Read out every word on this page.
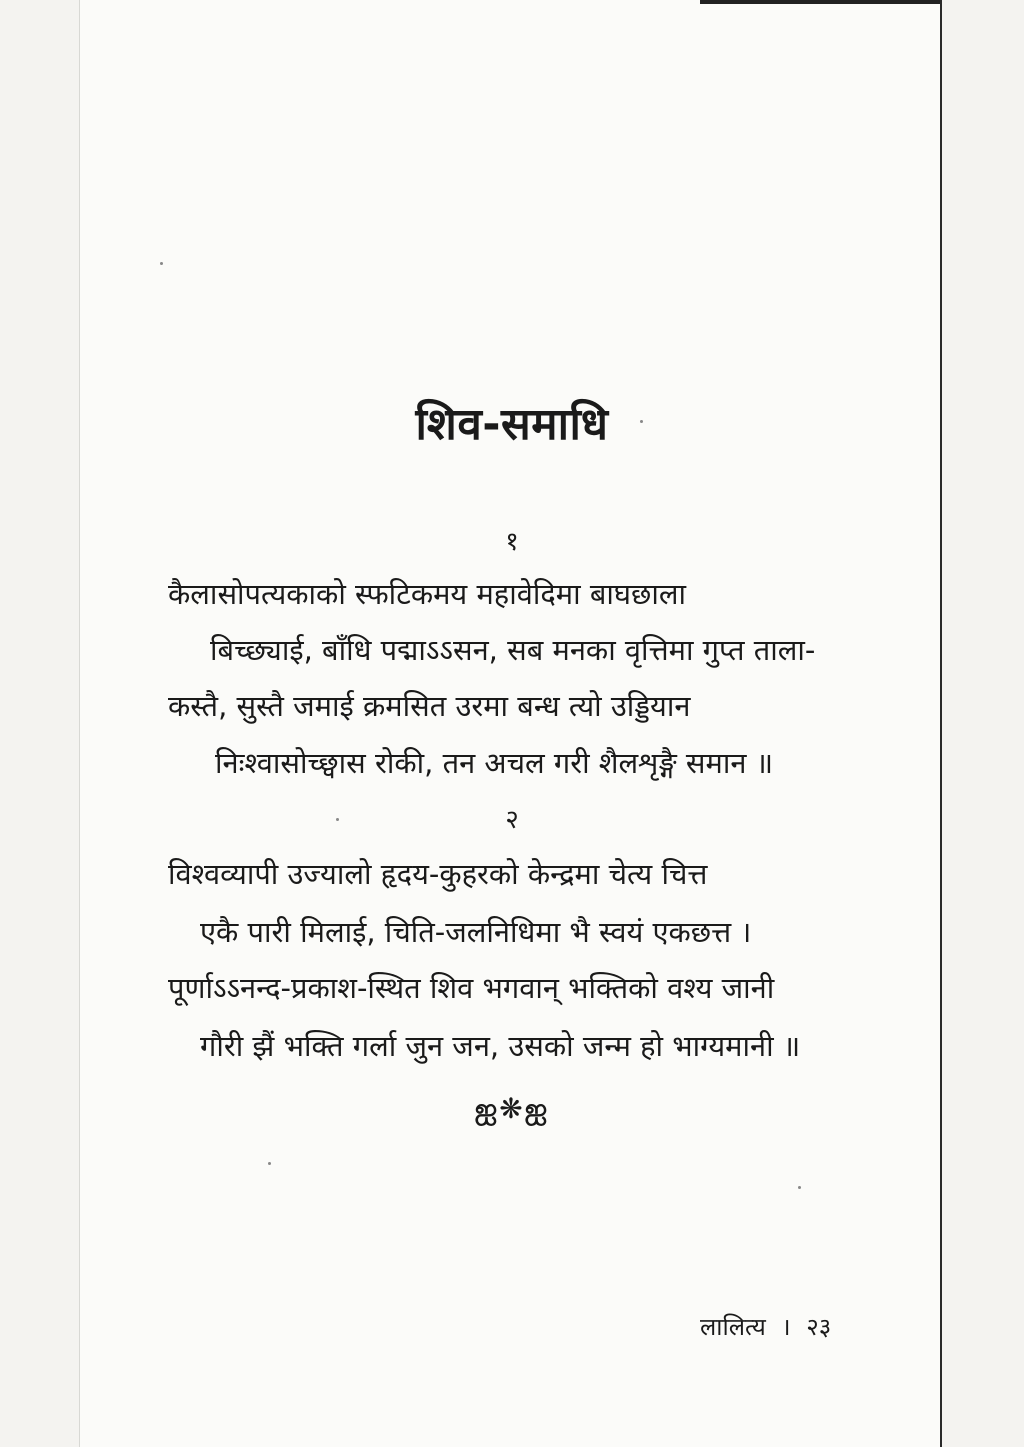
शिव-समाधि
१
कैलासोपत्यकाको स्फटिकमय महावेदिमा बाघछाला
बिच्छ्याई, बाँधि पद्माऽऽसन, सब मनका वृत्तिमा गुप्त ताला-
कस्तै, सुस्तै जमाई क्रमसित उरमा बन्ध त्यो उड्डियान
निःश्वासोच्छ्वास रोकी, तन अचल गरी शैलशृङ्गै समान ॥
२
विश्वव्यापी उज्यालो हृदय-कुहरको केन्द्रमा चेत्य चित्त
एकै पारी मिलाई, चिति-जलनिधिमा भै स्वयं एकछत्त ।
पूर्णाऽऽनन्द-प्रकाश-स्थित शिव भगवान् भक्तिको वश्य जानी
गौरी झैं भक्ति गर्ला जुन जन, उसको जन्म हो भाग्यमानी ॥
ஐ❋ஐ
लालित्य । २३
